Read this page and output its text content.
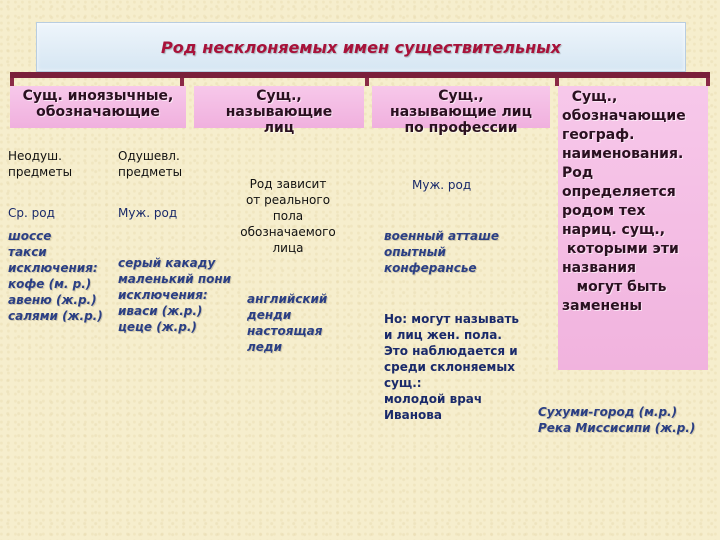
Род несклоняемых имен существительных
Сущ. иноязычные,
обозначающие
Неодуш.
предметы
Одушевл.
предметы
Ср. род	Муж. род
шоссе
такси
исключения:
кофе (м. р.)
авеню (ж.р.)
салями (ж.р.)
серый какаду
маленький пони
исключения:
иваси (ж.р.)
цеце (ж.р.)
английский
денди
настоящая
леди
Сущ.,
называющие
лиц
Род зависит
от реального
пола
обозначаемого
лица
Сущ.,
называющие лиц
по профессии
Муж. род
военный атташе
опытный
конферансье
Но: могут называть
и лиц жен. пола.
Это наблюдается и
среди склоняемых
сущ.:
молодой врач
Иванова
Сущ.,
обозначающие
географ.
наименования.
Род
определяется
родом тех
нариц. сущ.,
которыми эти
названия
могут быть
заменены
Сухуми-город (м.р.)
Река Миссисипи (ж.р.)
